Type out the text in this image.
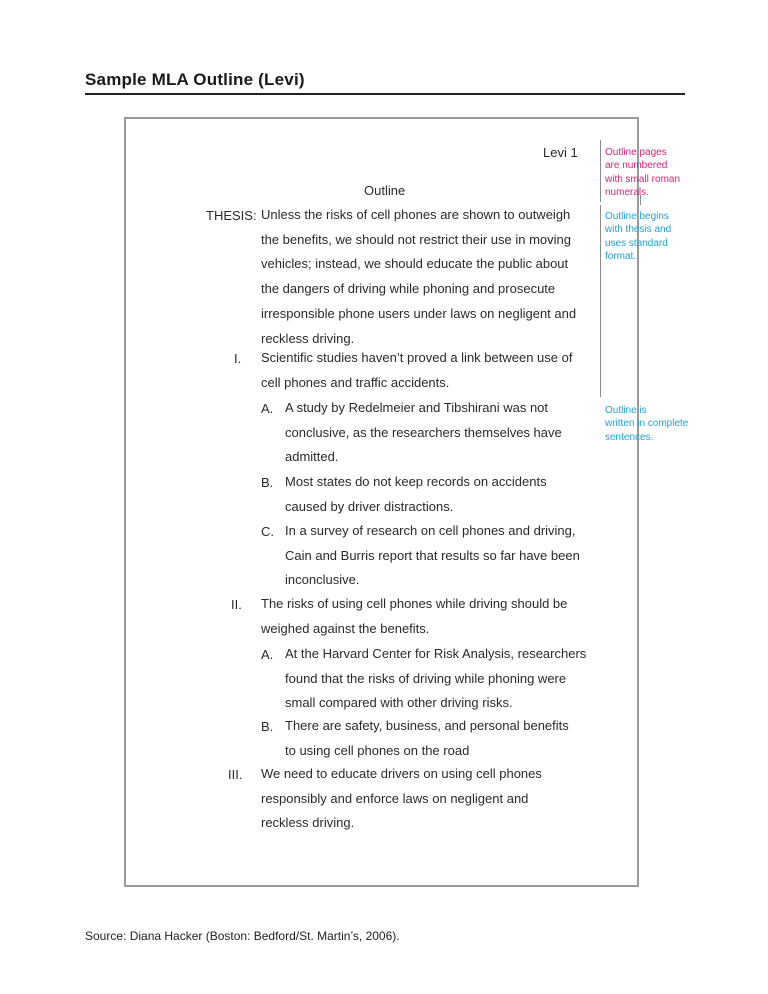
Sample MLA Outline (Levi)
Levi 1
Outline
THESIS: Unless the risks of cell phones are shown to outweigh
the benefits, we should not restrict their use in moving
vehicles; instead, we should educate the public about
the dangers of driving while phoning and prosecute
irresponsible phone users under laws on negligent and
reckless driving.
I. Scientific studies haven’t proved a link between use of
cell phones and traffic accidents.
A. A study by Redelmeier and Tibshirani was not
conclusive, as the researchers themselves have
admitted.
B. Most states do not keep records on accidents
caused by driver distractions.
C. In a survey of research on cell phones and driving,
Cain and Burris report that results so far have been
inconclusive.
II. The risks of using cell phones while driving should be
weighed against the benefits.
A. At the Harvard Center for Risk Analysis, researchers
found that the risks of driving while phoning were
small compared with other driving risks.
B. There are safety, business, and personal benefits
to using cell phones on the road
III. We need to educate drivers on using cell phones
responsibly and enforce laws on negligent and
reckless driving.
Outline pages
are numbered
with small roman
numerals.
Outline begins
with thesis and
uses standard
format.
Outline is
written in complete
sentences.
Source: Diana Hacker (Boston: Bedford/St. Martin’s, 2006).
